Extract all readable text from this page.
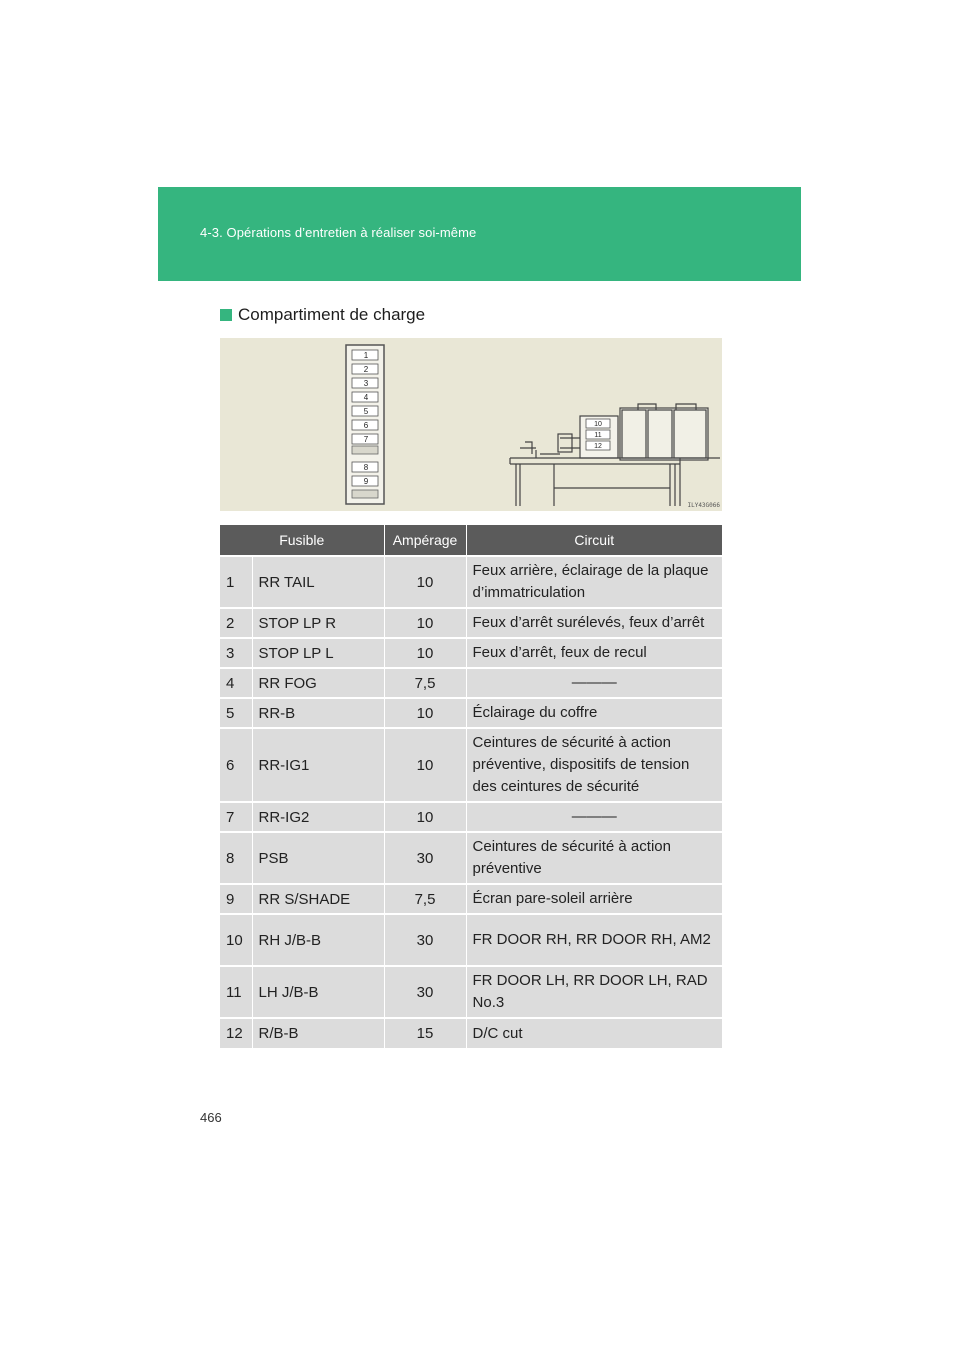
4-3. Opérations d’entretien à réaliser soi-même
Compartiment de charge
1
2
3
4
5
6
7
8
9
10
11
12
ILY43G066
Fusible		Ampérage	Circuit
1	RR TAIL	10	Feux arrière, éclairage de la plaque d’immatriculation
2	STOP LP R	10	Feux d’arrêt surélevés, feux d’arrêt
3	STOP LP L	10	Feux d’arrêt, feux de recul
4	RR FOG	7,5	———
5	RR-B	10	Éclairage du coffre
6	RR-IG1	10	Ceintures de sécurité à action préventive, dispositifs de tension des ceintures de sécurité
7	RR-IG2	10	———
8	PSB	30	Ceintures de sécurité à action préventive
9	RR S/SHADE	7,5	Écran pare-soleil arrière
10	RH J/B-B	30	FR DOOR RH, RR DOOR RH, AM2
11	LH J/B-B	30	FR DOOR LH, RR DOOR LH, RAD No.3
12	R/B-B	15	D/C cut
466
